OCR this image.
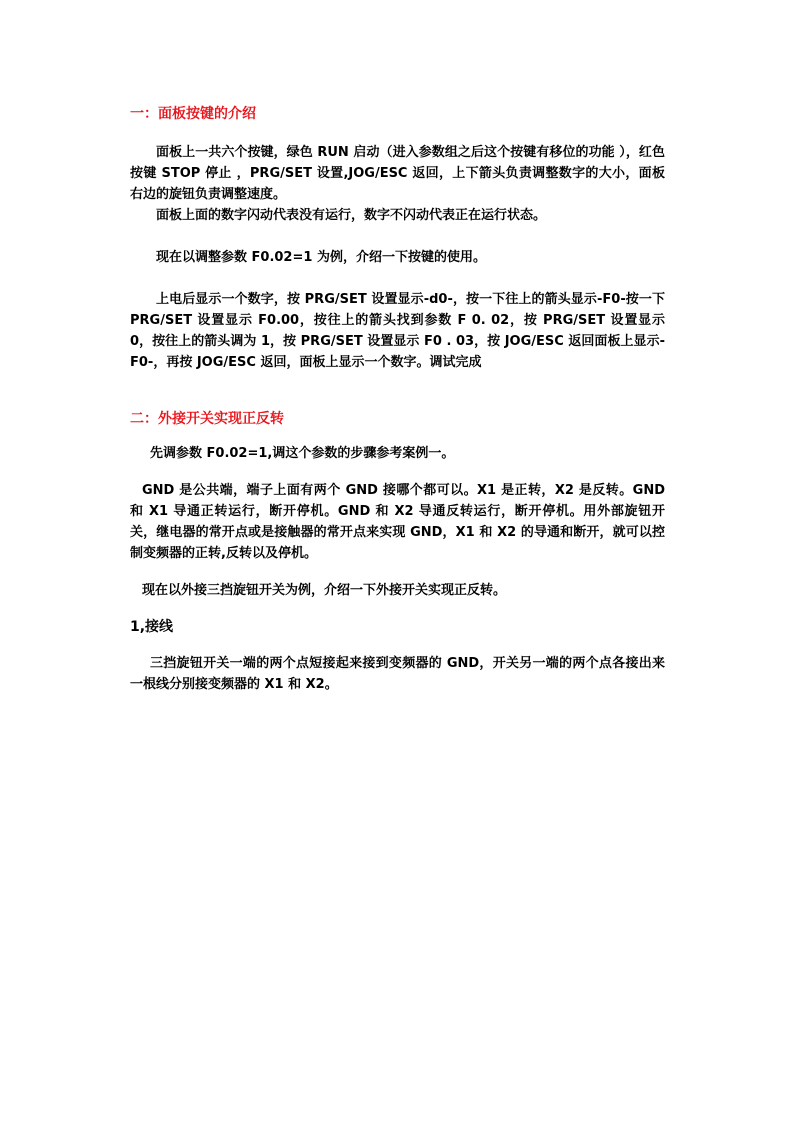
一：面板按键的介绍

面板上一共六个按键，绿色 RUN 启动（进入参数组之后这个按键有移位的功能 ），红色按键 STOP 停止 ，PRG/SET 设置,JOG/ESC 返回，上下箭头负责调整数字的大小，面板右边的旋钮负责调整速度。

面板上面的数字闪动代表没有运行，数字不闪动代表正在运行状态。

现在以调整参数 F0.02=1 为例，介绍一下按键的使用。

上电后显示一个数字，按 PRG/SET 设置显示-d0-，按一下往上的箭头显示-F0-按一下 PRG/SET 设置显示 F0.00，按往上的箭头找到参数 F 0. 02，按 PRG/SET 设置显示 0，按往上的箭头调为 1，按 PRG/SET 设置显示 F0 . 03，按 JOG/ESC 返回面板上显示-F0-，再按 JOG/ESC 返回，面板上显示一个数字。调试完成

二：外接开关实现正反转

先调参数 F0.02=1,调这个参数的步骤参考案例一。

GND 是公共端，端子上面有两个 GND 接哪个都可以。X1 是正转，X2 是反转。GND 和 X1 导通正转运行，断开停机。GND 和 X2 导通反转运行，断开停机。用外部旋钮开关，继电器的常开点或是接触器的常开点来实现 GND，X1 和 X2 的导通和断开，就可以控制变频器的正转,反转以及停机。

现在以外接三挡旋钮开关为例，介绍一下外接开关实现正反转。

1,接线

三挡旋钮开关一端的两个点短接起来接到变频器的 GND，开关另一端的两个点各接出来一根线分别接变频器的 X1 和 X2。
